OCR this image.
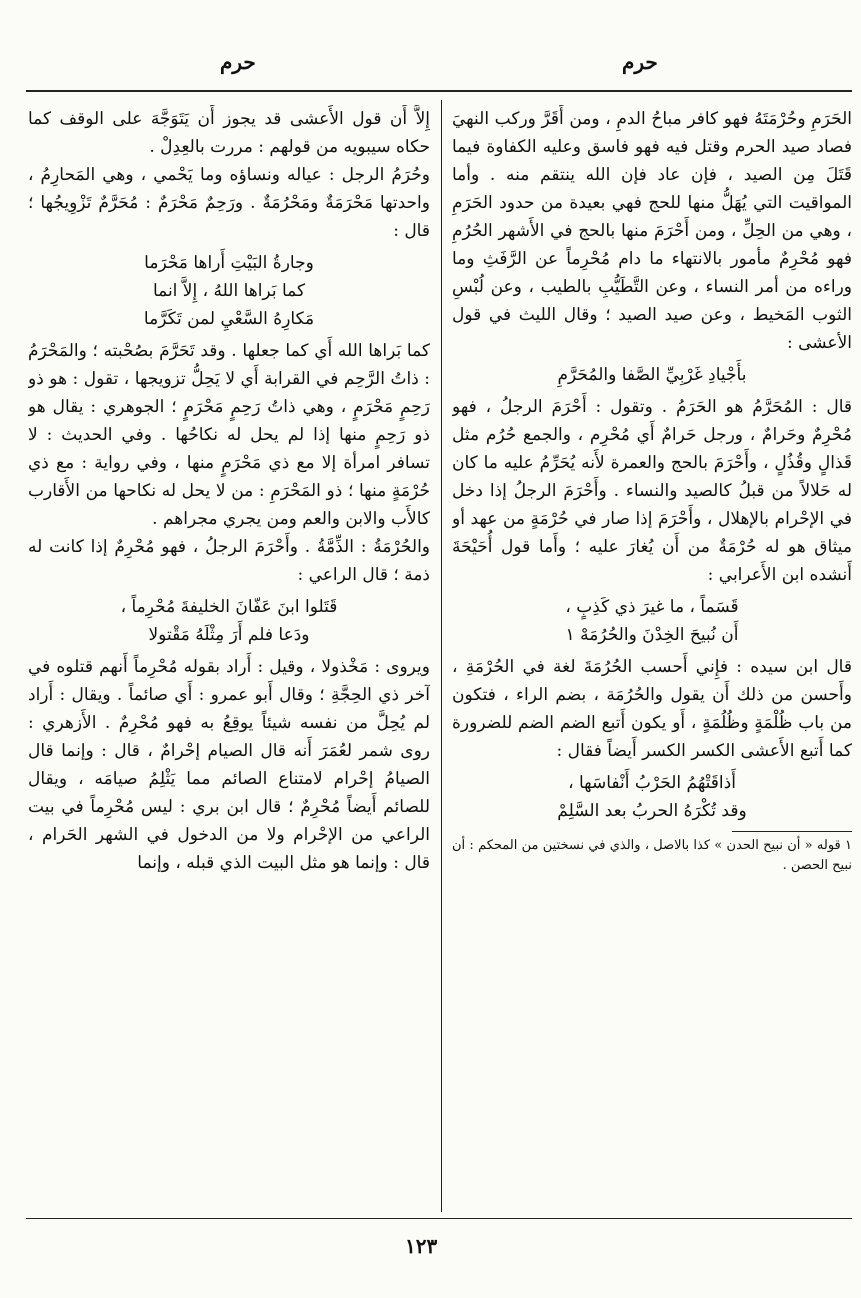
حرم
حرم

الحَرَمِ وحُرْمَتَهُ فهو كافر مباحُ الدمِ ، ومن أَقَرَّ وركب النهيَ فصاد صيد الحرم وقتل فيه فهو فاسق وعليه الكفاوة فيما قَتَلَ مِن الصيد ، فإن عاد فإن الله ينتقم منه . وأما المواقيت التي يُهَلُّ منها للحج فهي بعيدة من حدود الحَرَمِ ، وهي من الحِلِّ ، ومن أَحْرَمَ منها بالحج في الأَشهر الحُرُمِ فهو مُحْرِمٌ مأمور بالانتهاء ما دام مُحْرِماً عن الرَّفَثِ وما وراءه من أمر النساء ، وعن التَّطَيُّبِ بالطيب ، وعن لُبْسِ الثوب المَخيط ، وعن صيد الصيد ؛ وقال الليث في قول الأعشى :

بأَجْيادِ غَرْبِيِّ الصَّفا والمُحَرَّمِ

قال : المُحَرَّمُ هو الحَرَمُ . وتقول : أَحْرَمَ الرجلُ ، فهو مُحْرِمٌ وحَرامٌ ، ورجل حَرامٌ أَي مُحْرِم ، والجمع حُرُم مثل قَذالٍ وقُذُلٍ ، وأَحْرَمَ بالحج والعمرة لأَنه يُحَرِّمُ عليه ما كان له حَلالاً من قبلُ كالصيد والنساء . وأَحْرَمَ الرجلُ إذا دخل في الإحْرام بالإهلال ، وأَحْرَمَ إذا صار في حُرْمَةٍ من عهد أو ميثاق هو له حُرْمَةٌ من أَن يُغارَ عليه ؛ وأَما قول أُحَيْحَةَ أَنشده ابن الأَعرابي :

قَسَماً ، ما غيرَ ذي كَذِبٍ ،
أَن نُبيحَ الخِدْنَ والحُرُمَهْ ١

قال ابن سيده : فإِني أَحسب الحُرُمَةَ لغة في الحُرْمَةِ ، وأَحسن من ذلك أَن يقول والحُرُمَة ، بضم الراء ، فتكون من باب ظُلْمَةٍ وظُلُمَةٍ ، أَو يكون أَتبع الضم الضم للضرورة كما أَتبع الأَعشى الكسر الكسر أَيضاً فقال :

أَذاقَتْهُمُ الحَرْبُ أَنْفاسَها ،
وقد تُكْرَهُ الحربُ بعد السَّلِمْ

١ قوله « أن نبيح الحدن » كذا بالاصل ، والذي في نسختين من المحكم : أن نبيح الحصن .

إِلاَّ أَن قول الأَعشى قد يجوز أَن يَتَوَجَّهَ على الوقف كما حكاه سيبويه من قولهم : مررت بالعِدِلْ .

وحُرَمُ الرجل : عياله ونساؤه وما يَحْمي ، وهي المَحارِمُ ، واحدتها مَحْرَمَةٌ ومَحْرُمَةٌ . ورَحِمٌ مَحْرَمٌ : مُحَرَّمٌ تَزْوِيجُها ؛ قال :

وجارةُ البَيْتِ أَراها مَحْرَما
كما بَراها اللهُ ، إِلاَّ انما
مَكارِهُ السَّعْيِ لمن تَكَرَّما

كما بَراها الله أَي كما جعلها . وقد تَحَرَّمَ بصُحْبته ؛ والمَحْرَمُ : ذاتُ الرَّحِم في القرابة أَي لا يَحِلُّ تزويجها ، تقول : هو ذو رَحِمٍ مَحْرَمٍ ، وهي ذاتُ رَحِمٍ مَحْرَمٍ ؛ الجوهري : يقال هو ذو رَحِمٍ منها إذا لم يحل له نكاحُها . وفي الحديث : لا تسافر امرأة إلا مع ذي مَحْرَمٍ منها ، وفي رواية : مع ذي حُرْمَةٍ منها ؛ ذو المَحْرَمِ : من لا يحل له نكاحها من الأَقارب كالأَب والابن والعم ومن يجري مجراهم .

والحُرْمَةُ : الذِّمَّةُ . وأَحْرَمَ الرجلُ ، فهو مُحْرِمٌ إذا كانت له ذمة ؛ قال الراعي :

قَتَلوا ابنَ عَفّانَ الخليفةَ مُحْرِماً ،
ودَعا فلم أَرَ مِثْلَهُ مَقْتولا

ويروى : مَخْذولا ، وقيل : أَراد بقوله مُحْرِماً أَنهم قتلوه في آخر ذي الحِجَّةِ ؛ وقال أَبو عمرو : أَي صائماً . ويقال : أَراد لم يُحِلَّ من نفسه شيئاً يوقِعُ به فهو مُحْرِمٌ . الأَزهري : روى شمر لعُمَرَ أَنه قال الصيام إحْرامٌ ، قال : وإنما قال الصيامُ إحْرام لامتناع الصائم مما يَثْلِمُ صيامَه ، ويقال للصائم أَيضاً مُحْرِمٌ ؛ قال ابن بري : ليس مُحْرِماً في بيت الراعي من الإحْرام ولا من الدخول في الشهر الحَرام ، قال : وإنما هو مثل البيت الذي قبله ، وإنما

١٢٣
